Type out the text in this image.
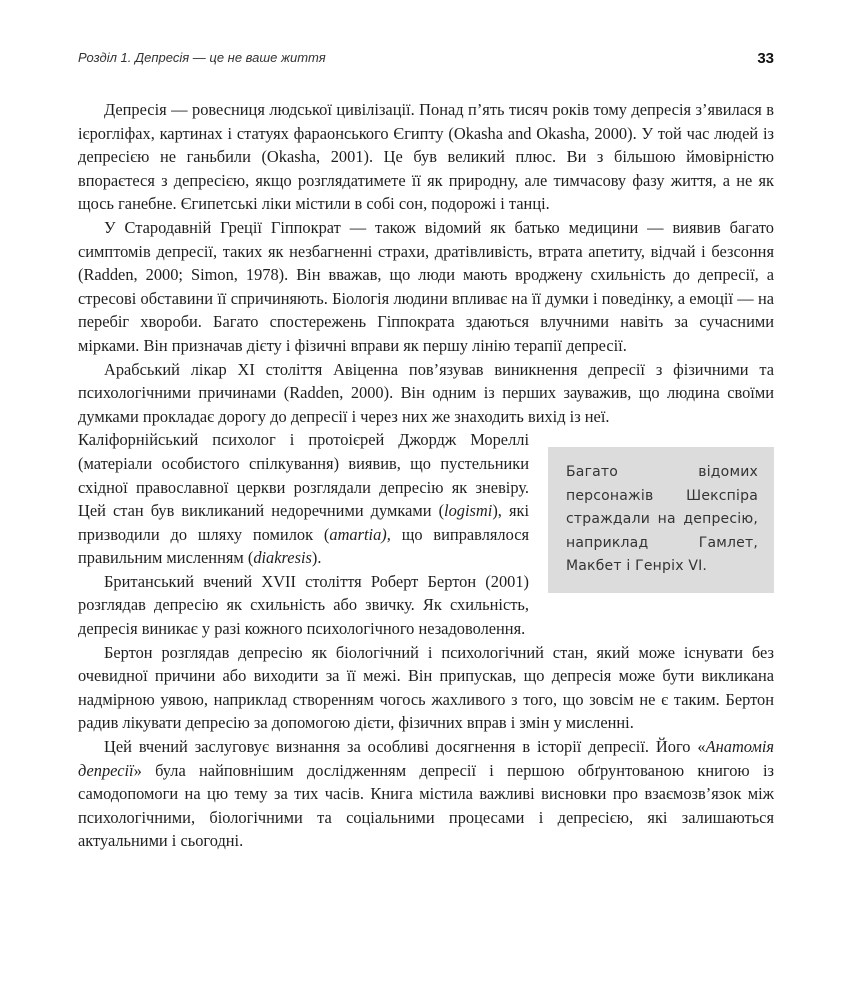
Розділ 1. Депресія — це не ваше життя	33

Депресія — ровесниця людської цивілізації. Понад п’ять тисяч років тому депресія з’явилася в ієрогліфах, картинах і статуях фараонського Єгипту (Okasha and Okasha, 2000). У той час людей із депресією не ганьбили (Okasha, 2001). Це був великий плюс. Ви з більшою ймовірністю впораєтеся з депресією, якщо розглядатимете її як природну, але тимчасову фазу життя, а не як щось ганебне. Єгипетські ліки містили в собі сон, подорожі і танці.

У Стародавній Греції Гіппократ — також відомий як батько медицини — виявив багато симптомів депресії, таких як незбагненні страхи, дратівливість, втрата апетиту, відчай і безсоння (Radden, 2000; Simon, 1978). Він вважав, що люди мають вроджену схильність до депресії, а стресові обставини її спричиняють. Біологія людини впливає на її думки і поведінку, а емоції — на перебіг хвороби. Багато спостережень Гіппократа здаються влучними навіть за сучасними мірками. Він призначав дієту і фізичні вправи як першу лінію терапії депресії.

Арабський лікар XI століття Авіценна пов’язував виникнення депресії з фізичними та психологічними причинами (Radden, 2000). Він одним із перших зауважив, що людина своїми думками прокладає дорогу до депресії і через них же знаходить вихід із неї.

Багато відомих персонажів Шекспіра страждали на депресію, наприклад Гамлет, Макбет і Генріх VI.
Каліфорнійський психолог і протоієрей Джордж Мореллі (матеріали особистого спілкування) виявив, що пустельники східної православної церкви розглядали депресію як зневіру. Цей стан був викликаний недоречними думками (logismi), які призводили до шляху помилок (amartia), що виправлялося правильним мисленням (diakresis).

Британський вчений XVII століття Роберт Бертон (2001) розглядав депресію як схильність або звичку. Як схильність, депресія виникає у разі кожного психологічного незадоволення.

Бертон розглядав депресію як біологічний і психологічний стан, який може існувати без очевидної причини або виходити за її межі. Він припускав, що депресія може бути викликана надмірною уявою, наприклад створенням чогось жахливого з того, що зовсім не є таким. Бертон радив лікувати депресію за допомогою дієти, фізичних вправ і змін у мисленні.

Цей вчений заслуговує визнання за особливі досягнення в історії депресії. Його «Анатомія депресії» була найповнішим дослідженням депресії і першою обґрунтованою книгою із самодопомоги на цю тему за тих часів. Книга містила важливі висновки про взаємозв’язок між психологічними, біологічними та соціальними процесами і депресією, які залишаються актуальними і сьогодні.
